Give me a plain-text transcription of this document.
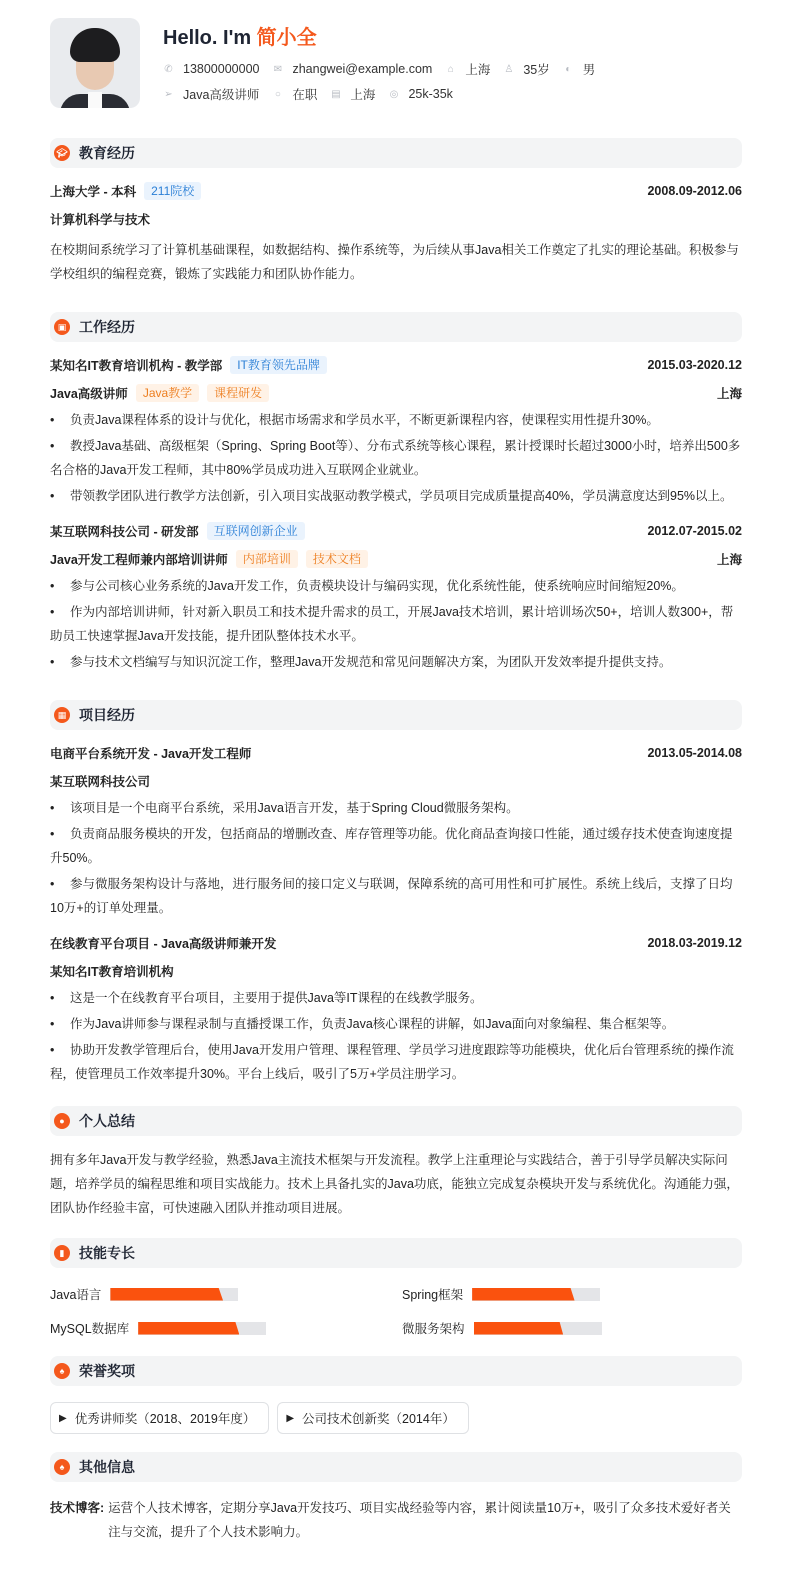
Hello. I'm 简小全
✆ 13800000000 ✉ zhangwei@example.com ⌂ 上海 ♙ 35岁 ◐ 男
➢ Java高级讲师 ○ 在职 ▤ 上海 ◎ 25k-35k
🎓︎ 教育经历
上海大学 - 本科	211院校	2008.09-2012.06
计算机科学与技术
在校期间系统学习了计算机基础课程，如数据结构、操作系统等，为后续从事Java相关工作奠定了扎实的理论基础。积极参与学校组织的编程竞赛，锻炼了实践能力和团队协作能力。
▣ 工作经历
某知名IT教育培训机构 - 教学部	IT教育领先品牌	2015.03-2020.12
Java高级讲师	Java教学	课程研发	上海
• 负责Java课程体系的设计与优化，根据市场需求和学员水平，不断更新课程内容，使课程实用性提升30%。
• 教授Java基础、高级框架（Spring、Spring Boot等）、分布式系统等核心课程，累计授课时长超过3000小时，培养出500多名合格的Java开发工程师，其中80%学员成功进入互联网企业就业。
• 带领教学团队进行教学方法创新，引入项目实战驱动教学模式，学员项目完成质量提高40%，学员满意度达到95%以上。
某互联网科技公司 - 研发部	互联网创新企业	2012.07-2015.02
Java开发工程师兼内部培训讲师	内部培训	技术文档	上海
• 参与公司核心业务系统的Java开发工作，负责模块设计与编码实现，优化系统性能，使系统响应时间缩短20%。
• 作为内部培训讲师，针对新入职员工和技术提升需求的员工，开展Java技术培训，累计培训场次50+，培训人数300+，帮助员工快速掌握Java开发技能，提升团队整体技术水平。
• 参与技术文档编写与知识沉淀工作，整理Java开发规范和常见问题解决方案，为团队开发效率提升提供支持。
▦ 项目经历
电商平台系统开发 - Java开发工程师	2013.05-2014.08
某互联网科技公司
• 该项目是一个电商平台系统，采用Java语言开发，基于Spring Cloud微服务架构。
• 负责商品服务模块的开发，包括商品的增删改查、库存管理等功能。优化商品查询接口性能，通过缓存技术使查询速度提升50%。
• 参与微服务架构设计与落地，进行服务间的接口定义与联调，保障系统的高可用性和可扩展性。系统上线后，支撑了日均10万+的订单处理量。
在线教育平台项目 - Java高级讲师兼开发	2018.03-2019.12
某知名IT教育培训机构
• 这是一个在线教育平台项目，主要用于提供Java等IT课程的在线教学服务。
• 作为Java讲师参与课程录制与直播授课工作，负责Java核心课程的讲解，如Java面向对象编程、集合框架等。
• 协助开发教学管理后台，使用Java开发用户管理、课程管理、学员学习进度跟踪等功能模块，优化后台管理系统的操作流程，使管理员工作效率提升30%。平台上线后，吸引了5万+学员注册学习。
●	个人总结
拥有多年Java开发与教学经验，熟悉Java主流技术框架与开发流程。教学上注重理论与实践结合，善于引导学员解决实际问题，培养学员的编程思维和项目实战能力。技术上具备扎实的Java功底，能独立完成复杂模块开发与系统优化。沟通能力强，团队协作经验丰富，可快速融入团队并推动项目进展。
▮	技能专长
Java语言	Spring框架
MySQL数据库	微服务架构
♠	荣誉奖项
▶ 优秀讲师奖（2018、2019年度）	▶ 公司技术创新奖（2014年）
♠	其他信息
技术博客: 运营个人技术博客，定期分享Java开发技巧、项目实战经验等内容，累计阅读量10万+，吸引了众多技术爱好者关注与交流，提升了个人技术影响力。
